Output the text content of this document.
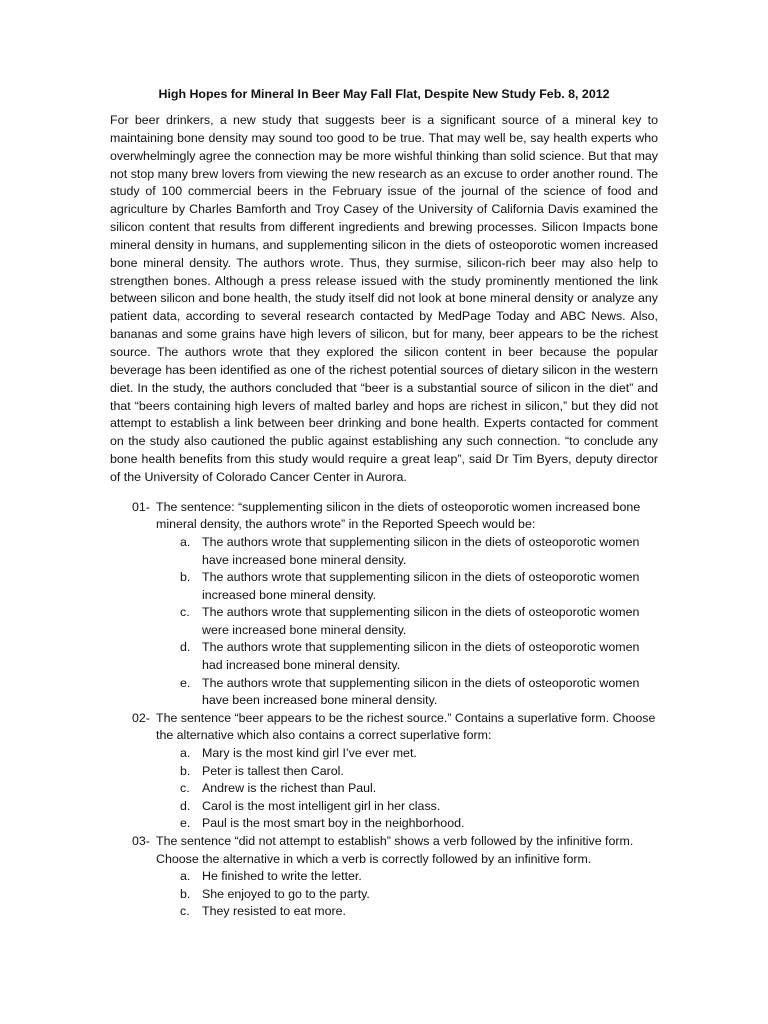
High Hopes for Mineral In Beer May Fall Flat, Despite New Study Feb. 8, 2012

For beer drinkers, a new study that suggests beer is a significant source of a mineral key to maintaining bone density may sound too good to be true. That may well be, say health experts who overwhelmingly agree the connection may be more wishful thinking than solid science. But that may not stop many brew lovers from viewing the new research as an excuse to order another round. The study of 100 commercial beers in the February issue of the journal of the science of food and agriculture by Charles Bamforth and Troy Casey of the University of California Davis examined the silicon content that results from different ingredients and brewing processes. Silicon Impacts bone mineral density in humans, and supplementing silicon in the diets of osteoporotic women increased bone mineral density. The authors wrote. Thus, they surmise, silicon-rich beer may also help to strengthen bones. Although a press release issued with the study prominently mentioned the link between silicon and bone health, the study itself did not look at bone mineral density or analyze any patient data, according to several research contacted by MedPage Today and ABC News. Also, bananas and some grains have high levers of silicon, but for many, beer appears to be the richest source. The authors wrote that they explored the silicon content in beer because the popular beverage has been identified as one of the richest potential sources of dietary silicon in the western diet. In the study, the authors concluded that “beer is a substantial source of silicon in the diet” and that “beers containing high levers of malted barley and hops are richest in silicon,” but they did not attempt to establish a link between beer drinking and bone health. Experts contacted for comment on the study also cautioned the public against establishing any such connection. “to conclude any bone health benefits from this study would require a great leap”, said Dr Tim Byers, deputy director of the University of Colorado Cancer Center in Aurora.

01- The sentence: “supplementing silicon in the diets of osteoporotic women increased bone mineral density, the authors wrote” in the Reported Speech would be:

a. The authors wrote that supplementing silicon in the diets of osteoporotic women have increased bone mineral density.
b. The authors wrote that supplementing silicon in the diets of osteoporotic women increased bone mineral density.
c. The authors wrote that supplementing silicon in the diets of osteoporotic women were increased bone mineral density.
d. The authors wrote that supplementing silicon in the diets of osteoporotic women had increased bone mineral density.
e. The authors wrote that supplementing silicon in the diets of osteoporotic women have been increased bone mineral density.
02- The sentence “beer appears to be the richest source.” Contains a superlative form. Choose the alternative which also contains a correct superlative form:

a. Mary is the most kind girl I’ve ever met.
b. Peter is tallest then Carol.
c. Andrew is the richest than Paul.
d. Carol is the most intelligent girl in her class.
e. Paul is the most smart boy in the neighborhood.
03- The sentence “did not attempt to establish” shows a verb followed by the infinitive form. Choose the alternative in which a verb is correctly followed by an infinitive form.

a. He finished to write the letter.
b. She enjoyed to go to the party.
c. They resisted to eat more.
